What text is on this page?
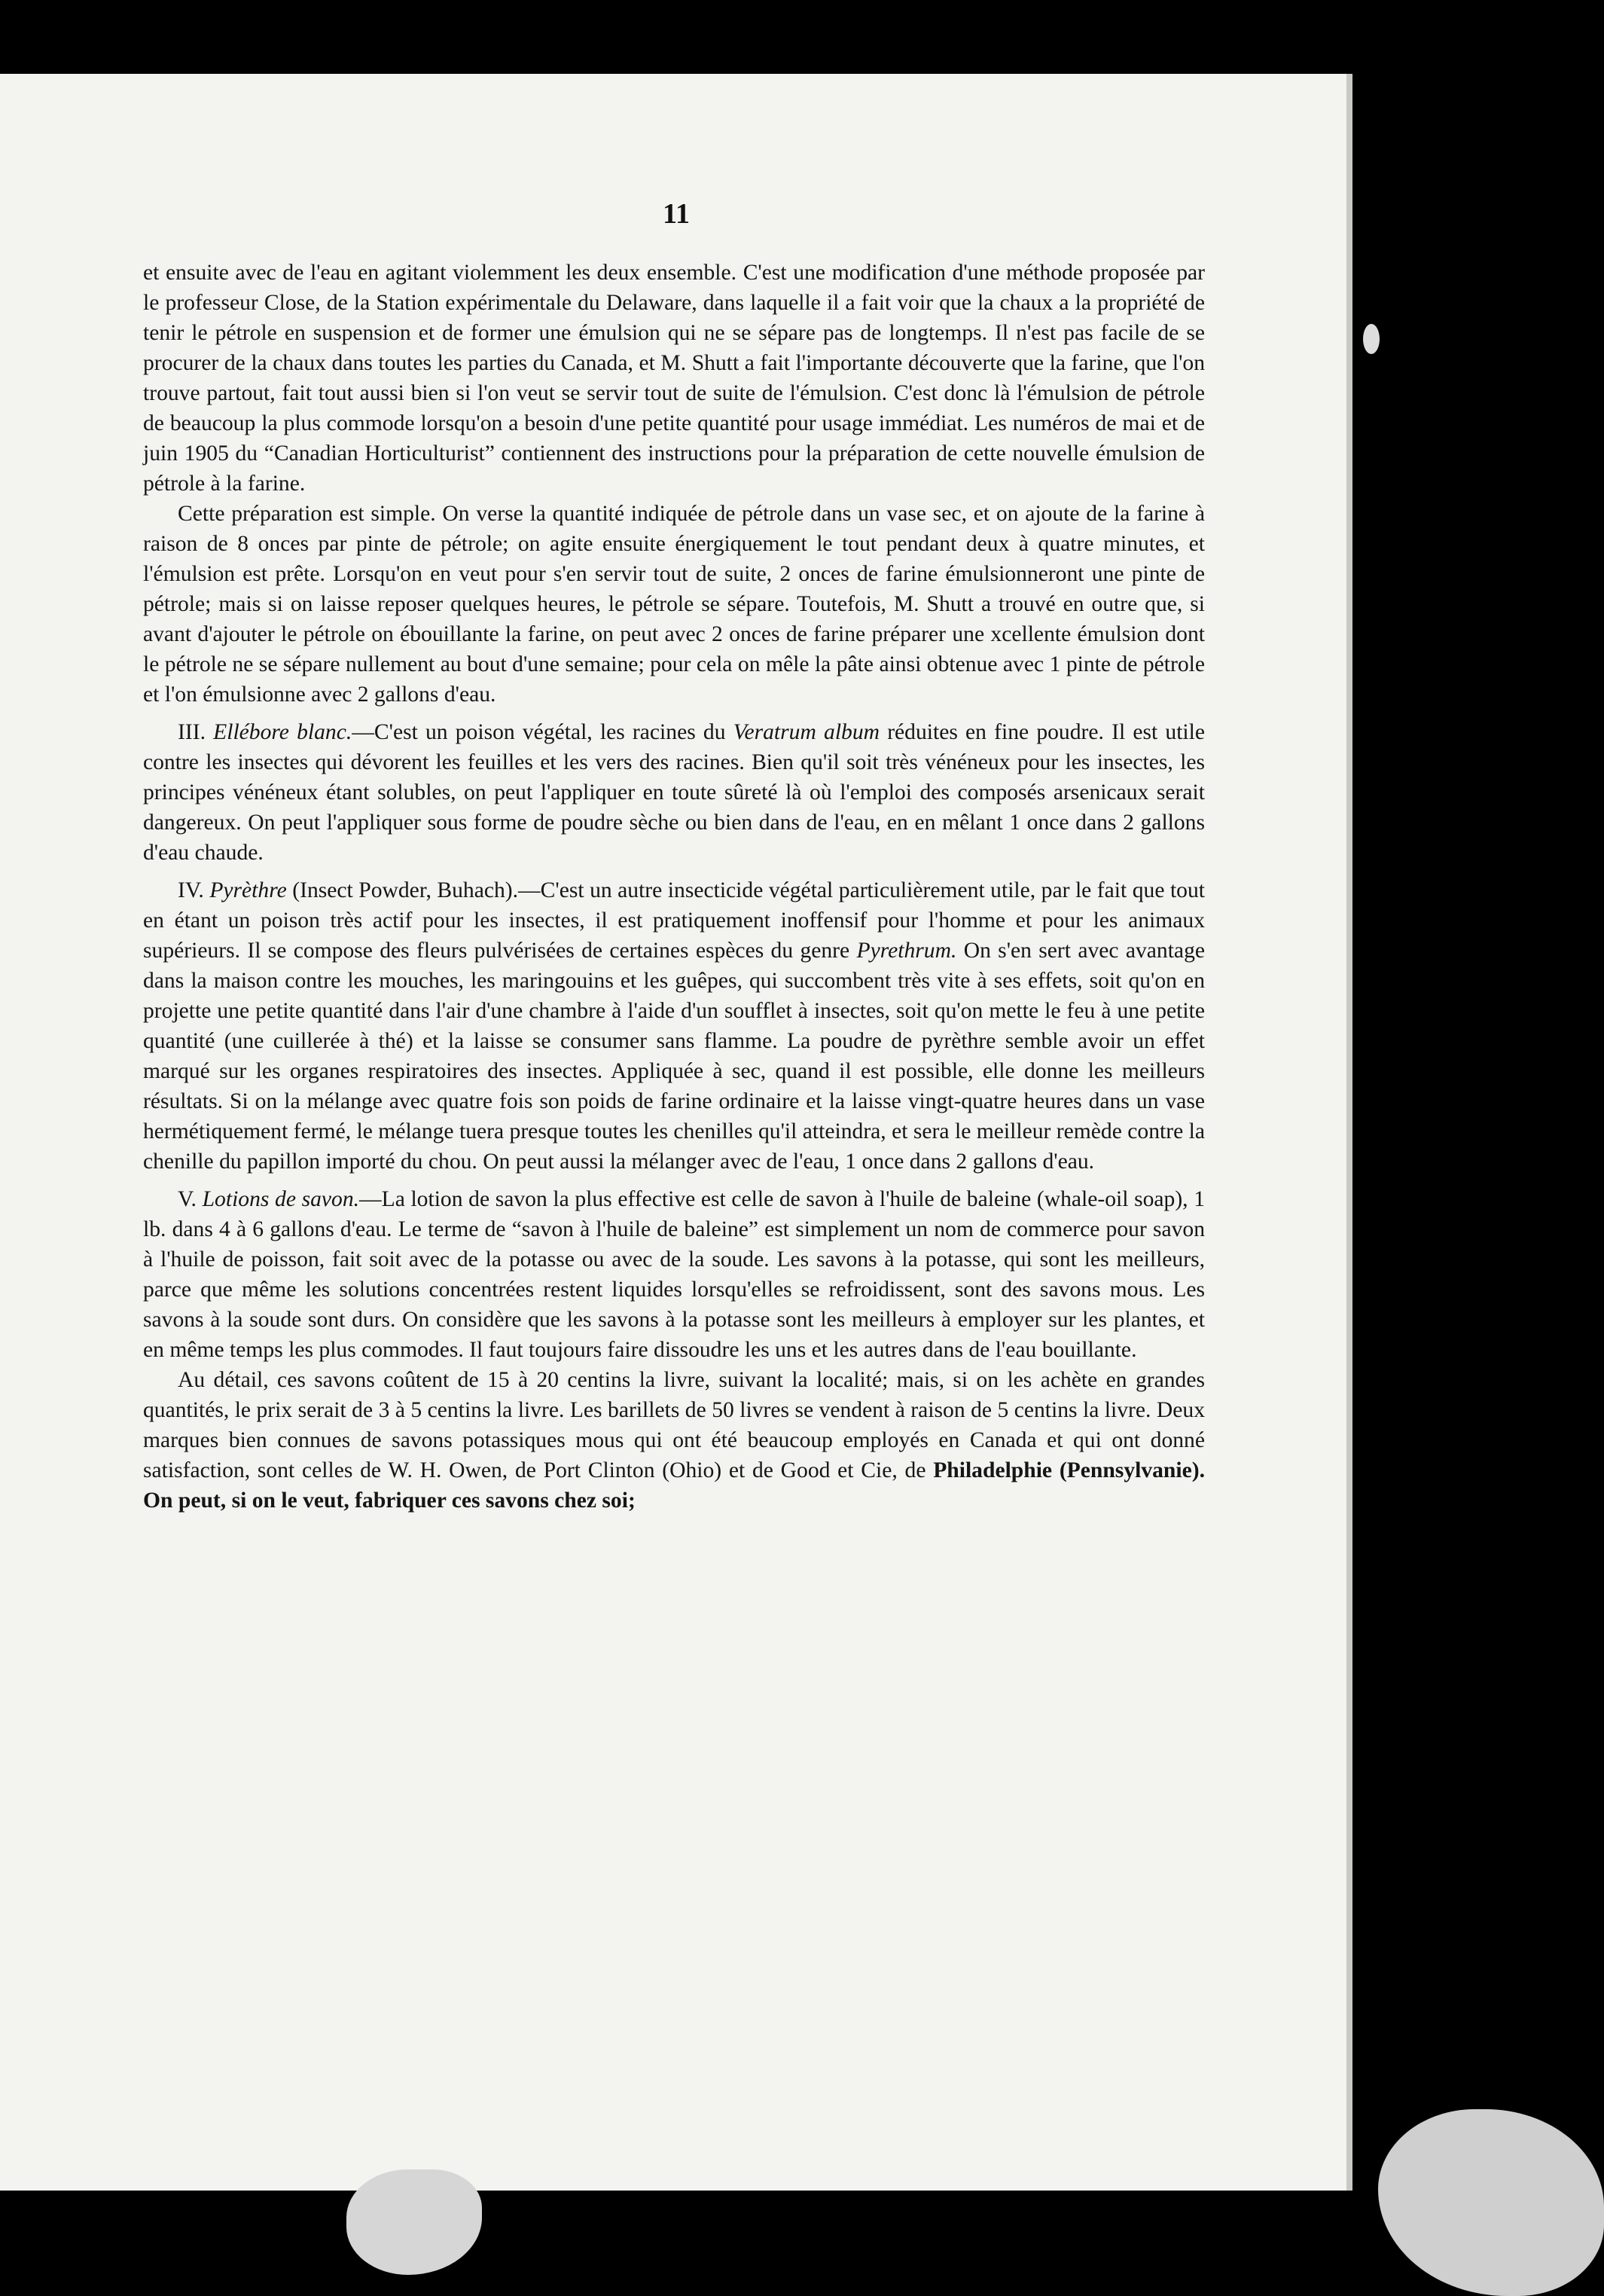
11

et ensuite avec de l'eau en agitant violemment les deux ensemble. C'est une modification d'une méthode proposée par le professeur Close, de la Station expérimentale du Delaware, dans laquelle il a fait voir que la chaux a la propriété de tenir le pétrole en suspension et de former une émulsion qui ne se sépare pas de longtemps. Il n'est pas facile de se procurer de la chaux dans toutes les parties du Canada, et M. Shutt a fait l'importante découverte que la farine, que l'on trouve partout, fait tout aussi bien si l'on veut se servir tout de suite de l'émulsion. C'est donc là l'émulsion de pétrole de beaucoup la plus commode lorsqu'on a besoin d'une petite quantité pour usage immédiat. Les numéros de mai et de juin 1905 du “Canadian Horticulturist” contiennent des instructions pour la préparation de cette nouvelle émulsion de pétrole à la farine.

Cette préparation est simple. On verse la quantité indiquée de pétrole dans un vase sec, et on ajoute de la farine à raison de 8 onces par pinte de pétrole; on agite ensuite énergiquement le tout pendant deux à quatre minutes, et l'émulsion est prête. Lorsqu'on en veut pour s'en servir tout de suite, 2 onces de farine émulsionneront une pinte de pétrole; mais si on laisse reposer quelques heures, le pétrole se sépare. Toutefois, M. Shutt a trouvé en outre que, si avant d'ajouter le pétrole on ébouillante la farine, on peut avec 2 onces de farine préparer une xcellente émulsion dont le pétrole ne se sépare nullement au bout d'une semaine; pour cela on mêle la pâte ainsi obtenue avec 1 pinte de pétrole et l'on émulsionne avec 2 gallons d'eau.

III. Ellébore blanc.—C'est un poison végétal, les racines du Veratrum album réduites en fine poudre. Il est utile contre les insectes qui dévorent les feuilles et les vers des racines. Bien qu'il soit très vénéneux pour les insectes, les principes vénéneux étant solubles, on peut l'appliquer en toute sûreté là où l'emploi des composés arsenicaux serait dangereux. On peut l'appliquer sous forme de poudre sèche ou bien dans de l'eau, en en mêlant 1 once dans 2 gallons d'eau chaude.

IV. Pyrèthre (Insect Powder, Buhach).—C'est un autre insecticide végétal particulièrement utile, par le fait que tout en étant un poison très actif pour les insectes, il est pratiquement inoffensif pour l'homme et pour les animaux supérieurs. Il se compose des fleurs pulvérisées de certaines espèces du genre Pyrethrum. On s'en sert avec avantage dans la maison contre les mouches, les maringouins et les guêpes, qui succombent très vite à ses effets, soit qu'on en projette une petite quantité dans l'air d'une chambre à l'aide d'un soufflet à insectes, soit qu'on mette le feu à une petite quantité (une cuillerée à thé) et la laisse se consumer sans flamme. La poudre de pyrèthre semble avoir un effet marqué sur les organes respiratoires des insectes. Appliquée à sec, quand il est possible, elle donne les meilleurs résultats. Si on la mélange avec quatre fois son poids de farine ordinaire et la laisse vingt-quatre heures dans un vase hermétiquement fermé, le mélange tuera presque toutes les chenilles qu'il atteindra, et sera le meilleur remède contre la chenille du papillon importé du chou. On peut aussi la mélanger avec de l'eau, 1 once dans 2 gallons d'eau.

V. Lotions de savon.—La lotion de savon la plus effective est celle de savon à l'huile de baleine (whale-oil soap), 1 lb. dans 4 à 6 gallons d'eau. Le terme de “savon à l'huile de baleine” est simplement un nom de commerce pour savon à l'huile de poisson, fait soit avec de la potasse ou avec de la soude. Les savons à la potasse, qui sont les meilleurs, parce que même les solutions concentrées restent liquides lorsqu'elles se refroidissent, sont des savons mous. Les savons à la soude sont durs. On considère que les savons à la potasse sont les meilleurs à employer sur les plantes, et en même temps les plus commodes. Il faut toujours faire dissoudre les uns et les autres dans de l'eau bouillante.

Au détail, ces savons coûtent de 15 à 20 centins la livre, suivant la localité; mais, si on les achète en grandes quantités, le prix serait de 3 à 5 centins la livre. Les barillets de 50 livres se vendent à raison de 5 centins la livre. Deux marques bien connues de savons potassiques mous qui ont été beaucoup employés en Canada et qui ont donné satisfaction, sont celles de W. H. Owen, de Port Clinton (Ohio) et de Good et Cie, de Philadelphie (Pennsylvanie). On peut, si on le veut, fabriquer ces savons chez soi;
